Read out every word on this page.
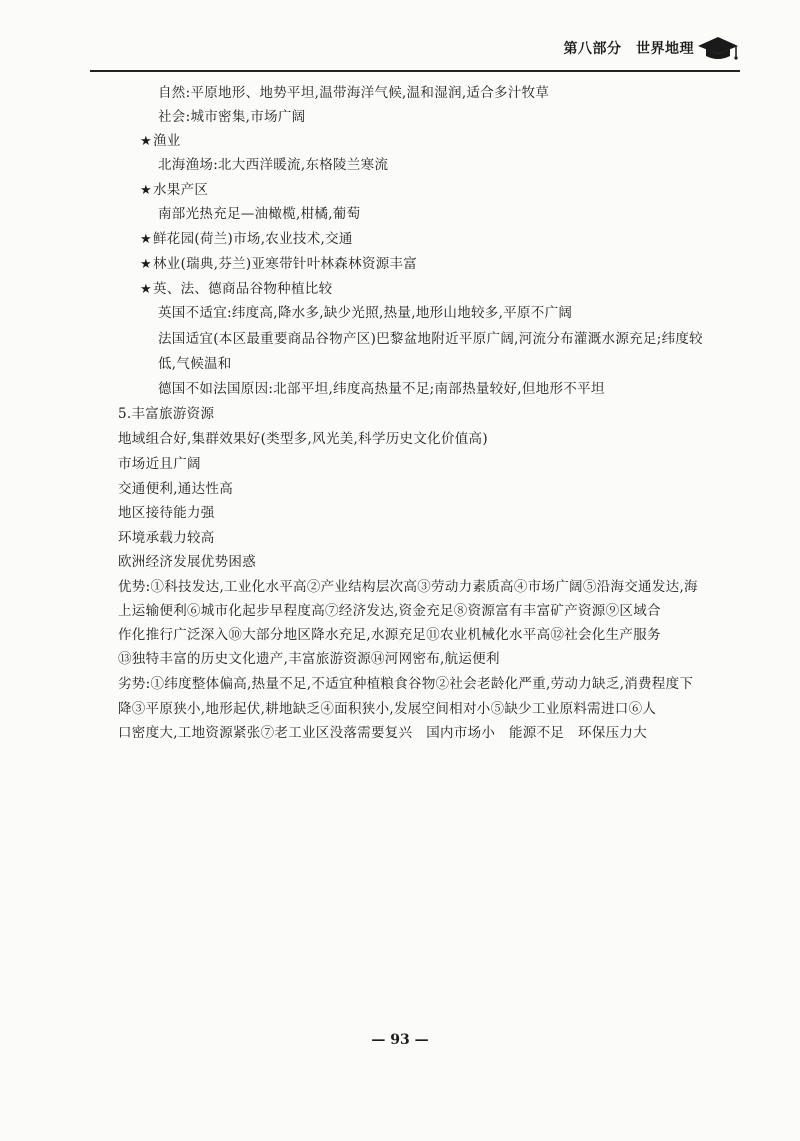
第八部分　世界地理
自然:平原地形、地势平坦,温带海洋气候,温和湿润,适合多汁牧草
社会:城市密集,市场广阔
★渔业
北海渔场:北大西洋暖流,东格陵兰寒流
★水果产区
南部光热充足—油橄榄,柑橘,葡萄
★鲜花园(荷兰)市场,农业技术,交通
★林业(瑞典,芬兰)亚寒带针叶林森林资源丰富
★英、法、德商品谷物种植比较
英国不适宜:纬度高,降水多,缺少光照,热量,地形山地较多,平原不广阔
法国适宜(本区最重要商品谷物产区)巴黎盆地附近平原广阔,河流分布灌溉水源充足;纬度较
低,气候温和
德国不如法国原因:北部平坦,纬度高热量不足;南部热量较好,但地形不平坦
5.丰富旅游资源
地域组合好,集群效果好(类型多,风光美,科学历史文化价值高)
市场近且广阔
交通便利,通达性高
地区接待能力强
环境承载力较高
欧洲经济发展优势困惑
优势:①科技发达,工业化水平高②产业结构层次高③劳动力素质高④市场广阔⑤沿海交通发达,海
上运输便利⑥城市化起步早程度高⑦经济发达,资金充足⑧资源富有丰富矿产资源⑨区域合
作化推行广泛深入⑩大部分地区降水充足,水源充足⑪农业机械化水平高⑫社会化生产服务
⑬独特丰富的历史文化遗产,丰富旅游资源⑭河网密布,航运便利
劣势:①纬度整体偏高,热量不足,不适宜种植粮食谷物②社会老龄化严重,劳动力缺乏,消费程度下
降③平原狭小,地形起伏,耕地缺乏④面积狭小,发展空间相对小⑤缺少工业原料需进口⑥人
口密度大,工地资源紧张⑦老工业区没落需要复兴　国内市场小　能源不足　环保压力大
— 93 —
